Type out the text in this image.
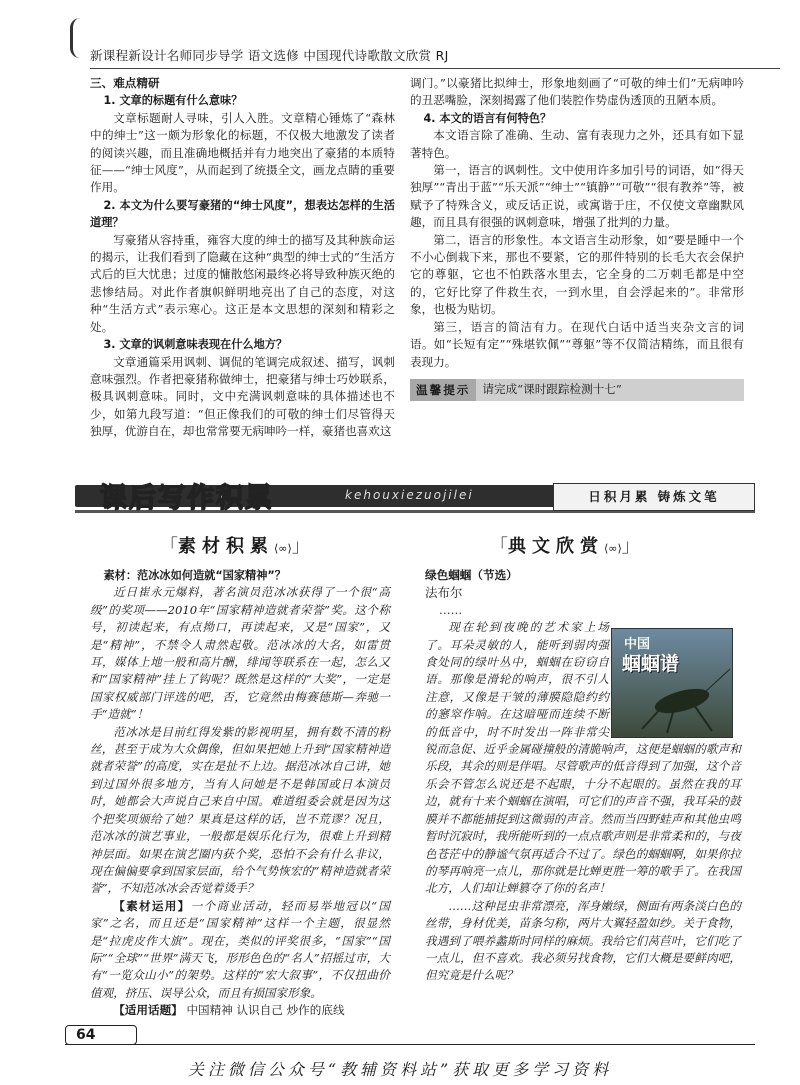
新课程新设计名师同步导学 语文选修 中国现代诗歌散文欣赏 RJ

三、难点精研

1. 文章的标题有什么意味？

文章标题耐人寻味，引人入胜。文章精心锤炼了“森林中的绅士”这一颇为形象化的标题，不仅极大地激发了读者的阅读兴趣，而且准确地概括并有力地突出了豪猪的本质特征——“绅士风度”，从而起到了统摄全文，画龙点睛的重要作用。

2. 本文为什么要写豪猪的“绅士风度”，想表达怎样的生活道理？

写豪猪从容持重，雍容大度的绅士的描写及其种族命运的揭示，让我们看到了隐藏在这种“典型的绅士式的”生活方式后的巨大忧患；过度的慵散悠闲最终必将导致种族灭绝的悲惨结局。对此作者旗帜鲜明地亮出了自己的态度，对这种“生活方式”表示寒心。这正是本文思想的深刻和精彩之处。

3. 文章的讽刺意味表现在什么地方？

文章通篇采用讽刺、调侃的笔调完成叙述、描写，讽刺意味强烈。作者把豪猪称做绅士，把豪猪与绅士巧妙联系，极具讽刺意味。同时，文中充满讽刺意味的具体描述也不少，如第九段写道：“但正像我们的可敬的绅士们尽管得天独厚，优游自在，却也常常要无病呻吟一样，豪猪也喜欢这

调门。”以豪猪比拟绅士，形象地刻画了“可敬的绅士们”无病呻吟的丑恶嘴脸，深刻揭露了他们装腔作势虚伪透顶的丑陋本质。

4. 本文的语言有何特色？

本文语言除了准确、生动、富有表现力之外，还具有如下显著特色。

第一，语言的讽刺性。文中使用许多加引号的词语，如“得天独厚”“青出于蓝”“乐天派”“绅士”“镇静”“可敬”“很有教养”等，被赋予了特殊含义，或反话正说，或寓谐于庄，不仅使文章幽默风趣，而且具有很强的讽刺意味，增强了批判的力量。

第二，语言的形象性。本文语言生动形象，如“要是睡中一个不小心倒栽下来，那也不要紧，它的那件特别的长毛大衣会保护它的尊躯，它也不怕跌落水里去，它全身的二万刺毛都是中空的，它好比穿了件救生衣，一到水里，自会浮起来的”。非常形象，也极为贴切。

第三，语言的简洁有力。在现代白话中适当夹杂文言的词语。如“长短有定”“殊堪钦佩”“尊躯”等不仅简洁精练，而且很有表现力。

温馨提示	请完成“课时跟踪检测十七”
课后写作积累	kehouxiezuojilei	日积月累 铸炼文笔
「素材积累⟨∞⟩」	「典文欣赏⟨∞⟩」

素材：范冰冰如何造就“国家精神”？

近日崔永元爆料，著名演员范冰冰获得了一个很“高级”的奖项——2010年“国家精神造就者荣誉”奖。这个称号，初读起来，有点拗口，再读起来，又是“国家”，又是“精神”，不禁令人肃然起敬。范冰冰的大名，如雷贯耳，媒体上地一般和高片酬，绯闻等联系在一起，怎么又和“国家精神”挂上了钩呢？既然是这样的“大奖”，一定是国家权威部门评选的吧，否，它竟然由梅赛德斯—奔驰一手“造就”！

范冰冰是目前红得发紫的影视明星，拥有数不清的粉丝，甚至于成为大众偶像，但如果把她上升到“国家精神造就者荣誉”的高度，实在是扯不上边。据范冰冰自己讲，她到过国外很多地方，当有人问她是不是韩国或日本演员时，她都会大声说自己来自中国。难道组委会就是因为这个把奖项颁给了她？果真是这样的话，岂不荒谬？况且，范冰冰的演艺事业，一般都是娱乐化行为，很难上升到精神层面。如果在演艺圈内获个奖，恐怕不会有什么非议，现在偏偏要拿到国家层面，给个气势恢宏的“精神造就者荣誉”，不知范冰冰会否觉着烫手？

【素材运用】一个商业活动，轻而易举地冠以“国家”之名，而且还是“国家精神”这样一个主题，很显然是“拉虎皮作大旗”。现在，类似的评奖很多，“国家”“国际”“全球”“世界”满天飞，形形色色的“名人”招摇过市，大有“一览众山小”的架势。这样的“宏大叙事”，不仅扭曲价值观，挤压、误导公众，而且有损国家形象。

【适用话题】 中国精神 认识自己 炒作的底线

绿色蝈蝈（节选）

法布尔

……

现在轮到夜晚的艺术家上场了。耳朵灵敏的人，能听到弱肉强食处同的绿叶丛中，蝈蝈在窃窃自语。那像是滑轮的响声，很不引人注意，又像是干皱的薄膜隐隐约约的窸窣作响。在这暗哑而连续不断的低音中，时不时发出一阵非常尖锐而急促、近乎金属碰撞般的清脆响声，这便是蝈蝈的歌声和乐段，其余的则是伴唱。尽管歌声的低音得到了加强，这个音乐会不管怎么说还是不起眼，十分不起眼的。虽然在我的耳边，就有十来个蝈蝈在演唱，可它们的声音不强，我耳朵的鼓膜并不都能捕捉到这微弱的声音。然而当四野蛙声和其他虫鸣暂时沉寂时，我所能听到的一点点歌声则是非常柔和的，与夜色苍茫中的静谧气氛再适合不过了。绿色的蝈蝈啊，如果你拉的琴再响亮一点儿，那你就是比蝉更胜一筹的歌手了。在我国北方，人们却让蝉篡夺了你的名声！

……这种昆虫非常漂亮，浑身嫩绿，侧面有两条淡白色的丝带，身材优美，苗条匀称，两片大翼轻盈如纱。关于食物，我遇到了喂养蠡斯时同样的麻烦。我给它们莴苣叶，它们吃了一点儿，但不喜欢。我必须另找食物，它们大概是要鲜肉吧，但究竟是什么呢？

中国
蝈蝈谱
64
关注微信公众号“教辅资料站”获取更多学习资料
